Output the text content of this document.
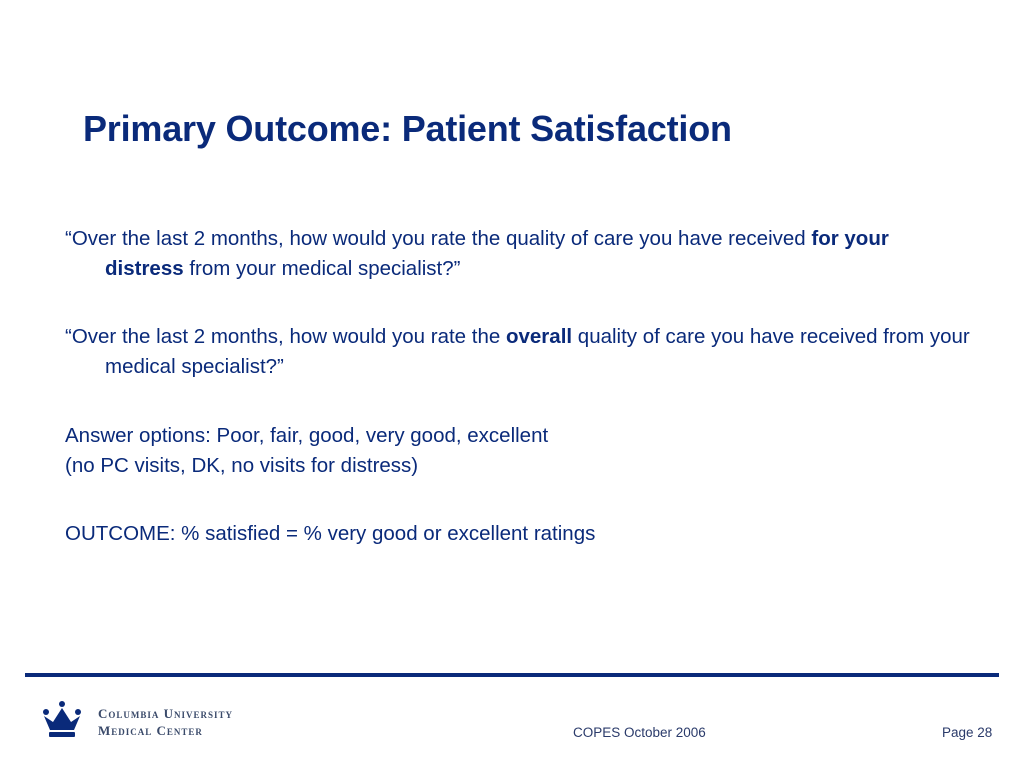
Primary Outcome: Patient Satisfaction
“Over the last 2 months, how would you rate the quality of care you have received for your distress from your medical specialist?”
“Over the last 2 months, how would you rate the overall quality of care you have received from your medical specialist?”
Answer options: Poor, fair, good, very good, excellent
(no PC visits, DK, no visits for distress)
OUTCOME: % satisfied = % very good or excellent ratings
Columbia University
Medical Center	COPES October 2006	Page 28
